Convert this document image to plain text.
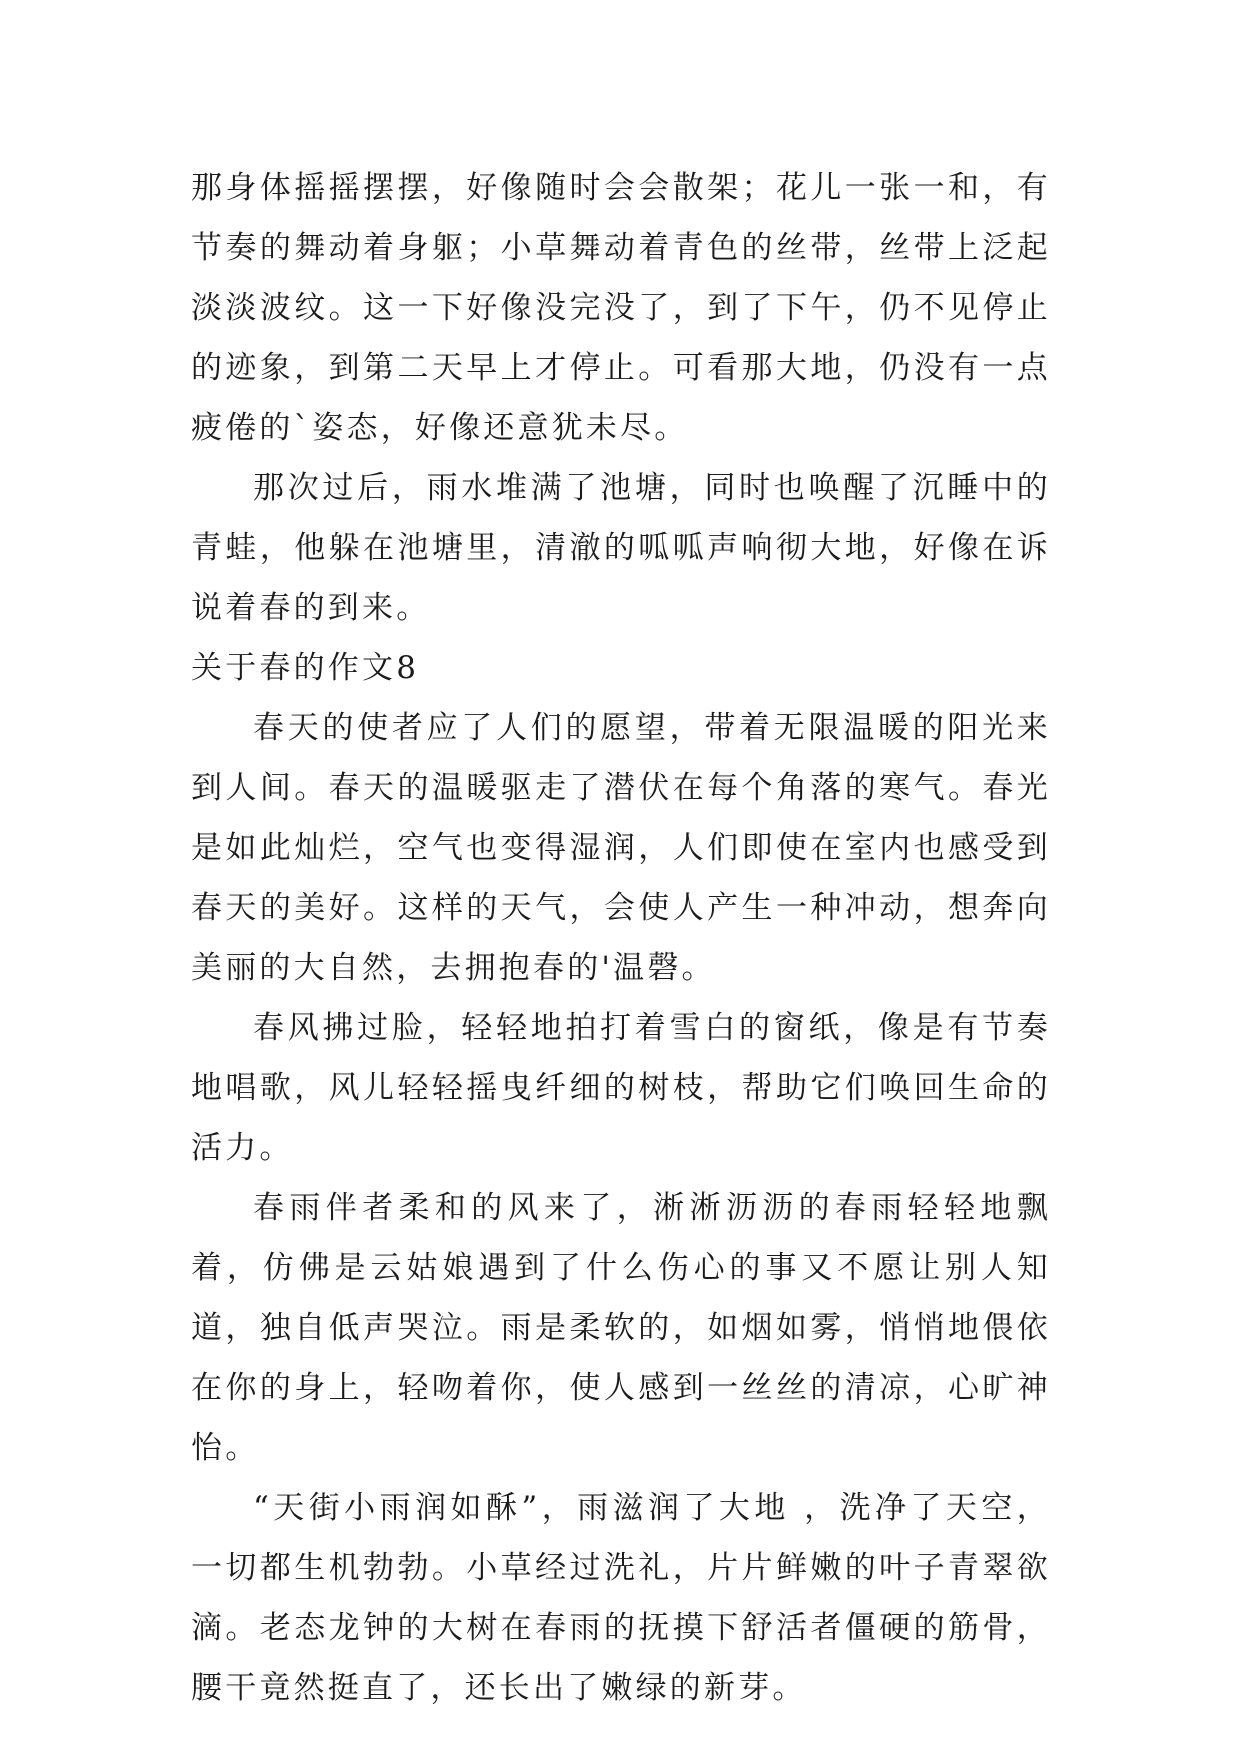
那身体摇摇摆摆，好像随时会会散架；花儿一张一和，有节奏的舞动着身躯；小草舞动着青色的丝带，丝带上泛起淡淡波纹。这一下好像没完没了，到了下午，仍不见停止的迹象，到第二天早上才停止。可看那大地，仍没有一点疲倦的`姿态，好像还意犹未尽。

那次过后，雨水堆满了池塘，同时也唤醒了沉睡中的青蛙，他躲在池塘里，清澈的呱呱声响彻大地，好像在诉说着春的到来。

关于春的作文8

春天的使者应了人们的愿望，带着无限温暖的阳光来到人间。春天的温暖驱走了潜伏在每个角落的寒气。春光是如此灿烂，空气也变得湿润，人们即使在室内也感受到春天的美好。这样的天气，会使人产生一种冲动，想奔向美丽的大自然，去拥抱春的'温磬。

春风拂过脸，轻轻地拍打着雪白的窗纸，像是有节奏地唱歌，风儿轻轻摇曳纤细的树枝，帮助它们唤回生命的活力。

春雨伴者柔和的风来了，淅淅沥沥的春雨轻轻地飘着，仿佛是云姑娘遇到了什么伤心的事又不愿让别人知道，独自低声哭泣。雨是柔软的，如烟如雾，悄悄地偎依在你的身上，轻吻着你，使人感到一丝丝的清凉，心旷神怡。

“天街小雨润如酥”，雨滋润了大地 ，洗净了天空，一切都生机勃勃。小草经过洗礼，片片鲜嫩的叶子青翠欲滴。老态龙钟的大树在春雨的抚摸下舒活者僵硬的筋骨，腰干竟然挺直了，还长出了嫩绿的新芽。
